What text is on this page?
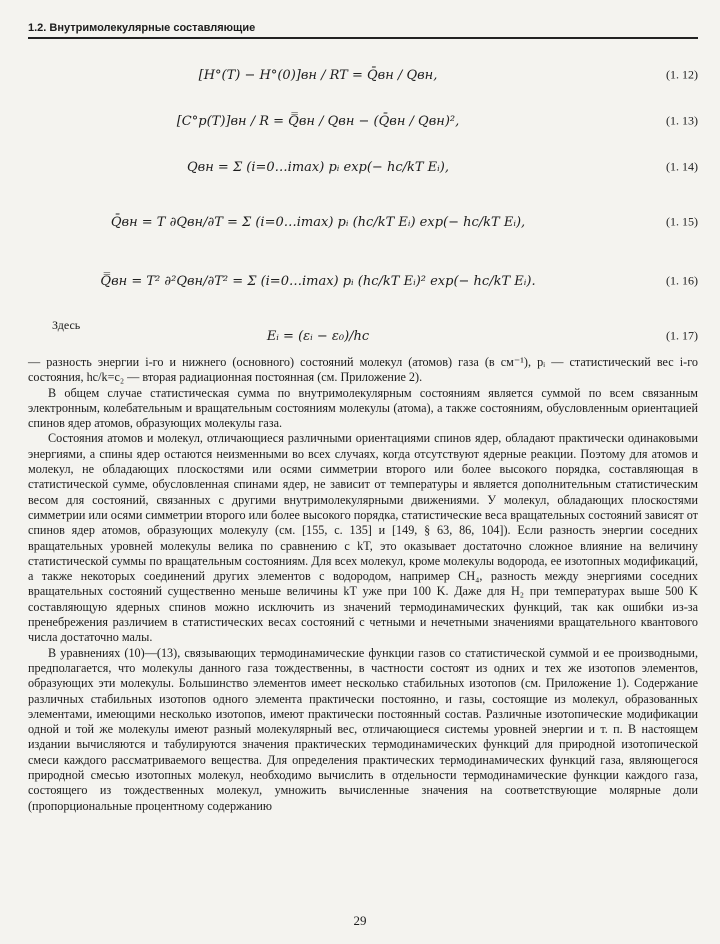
1.2. Внутримолекулярные составляющие
[H°(T) − H°(0)]вн / RT = Q̄вн / Qвн,	(1. 12)
[C°p(T)]вн / R = Q̿вн / Qвн − (Q̄вн / Qвн)²,	(1. 13)
Qвн = Σ (i=0…imax) pᵢ exp(− hc/kT Eᵢ),	(1. 14)
Q̄вн = T ∂Qвн/∂T = Σ (i=0…imax) pᵢ (hc/kT Eᵢ) exp(− hc/kT Eᵢ),	(1. 15)
Q̿вн = T² ∂²Qвн/∂T² = Σ (i=0…imax) pᵢ (hc/kT Eᵢ)² exp(− hc/kT Eᵢ).	(1. 16)
Здесь
Eᵢ = (εᵢ − ε₀)/hc	(1. 17)

— разность энергии i-го и нижнего (основного) состояний молекул (атомов) газа (в см⁻¹), pᵢ — статистический вес i-го состояния, hc/k=c₂ — вторая радиационная постоянная (см. Приложение 2).

В общем случае статистическая сумма по внутримолекулярным состояниям является суммой по всем связанным электронным, колебательным и вращательным состояниям молекулы (атома), а также состояниям, обусловленным ориентацией спинов ядер атомов, образующих молекулы газа.

Состояния атомов и молекул, отличающиеся различными ориентациями спинов ядер, обладают практически одинаковыми энергиями, а спины ядер остаются неизменными во всех случаях, когда отсутствуют ядерные реакции. Поэтому для атомов и молекул, не обладающих плоскостями или осями симметрии второго или более высокого порядка, составляющая в статистической сумме, обусловленная спинами ядер, не зависит от температуры и является дополнительным статистическим весом для состояний, связанных с другими внутримолекулярными движениями. У молекул, обладающих плоскостями симметрии или осями симметрии второго или более высокого порядка, статистические веса вращательных состояний зависят от спинов ядер атомов, образующих молекулу (см. [155, с. 135] и [149, § 63, 86, 104]). Если разность энергии соседних вращательных уровней молекулы велика по сравнению с kT, это оказывает достаточно сложное влияние на величину статистической суммы по вращательным состояниям. Для всех молекул, кроме молекулы водорода, ее изотопных модификаций, а также некоторых соединений других элементов с водородом, например CH₄, разность между энергиями соседних вращательных состояний существенно меньше величины kT уже при 100 K. Даже для H₂ при температурах выше 500 K составляющую ядерных спинов можно исключить из значений термодинамических функций, так как ошибки из-за пренебрежения различием в статистических весах состояний с четными и нечетными значениями вращательного квантового числа достаточно малы.

В уравнениях (10)—(13), связывающих термодинамические функции газов со статистической суммой и ее производными, предполагается, что молекулы данного газа тождественны, в частности состоят из одних и тех же изотопов элементов, образующих эти молекулы. Большинство элементов имеет несколько стабильных изотопов (см. Приложение 1). Содержание различных стабильных изотопов одного элемента практически постоянно, и газы, состоящие из молекул, образованных элементами, имеющими несколько изотопов, имеют практически постоянный состав. Различные изотопические модификации одной и той же молекулы имеют разный молекулярный вес, отличающиеся системы уровней энергии и т. п. В настоящем издании вычисляются и табулируются значения практических термодинамических функций для природной изотопической смеси каждого рассматриваемого вещества. Для определения практических термодинамических функций газа, являющегося природной смесью изотопных молекул, необходимо вычислить в отдельности термодинамические функции каждого газа, состоящего из тождественных молекул, умножить вычисленные значения на соответствующие молярные доли (пропорциональные процентному содержанию

29
